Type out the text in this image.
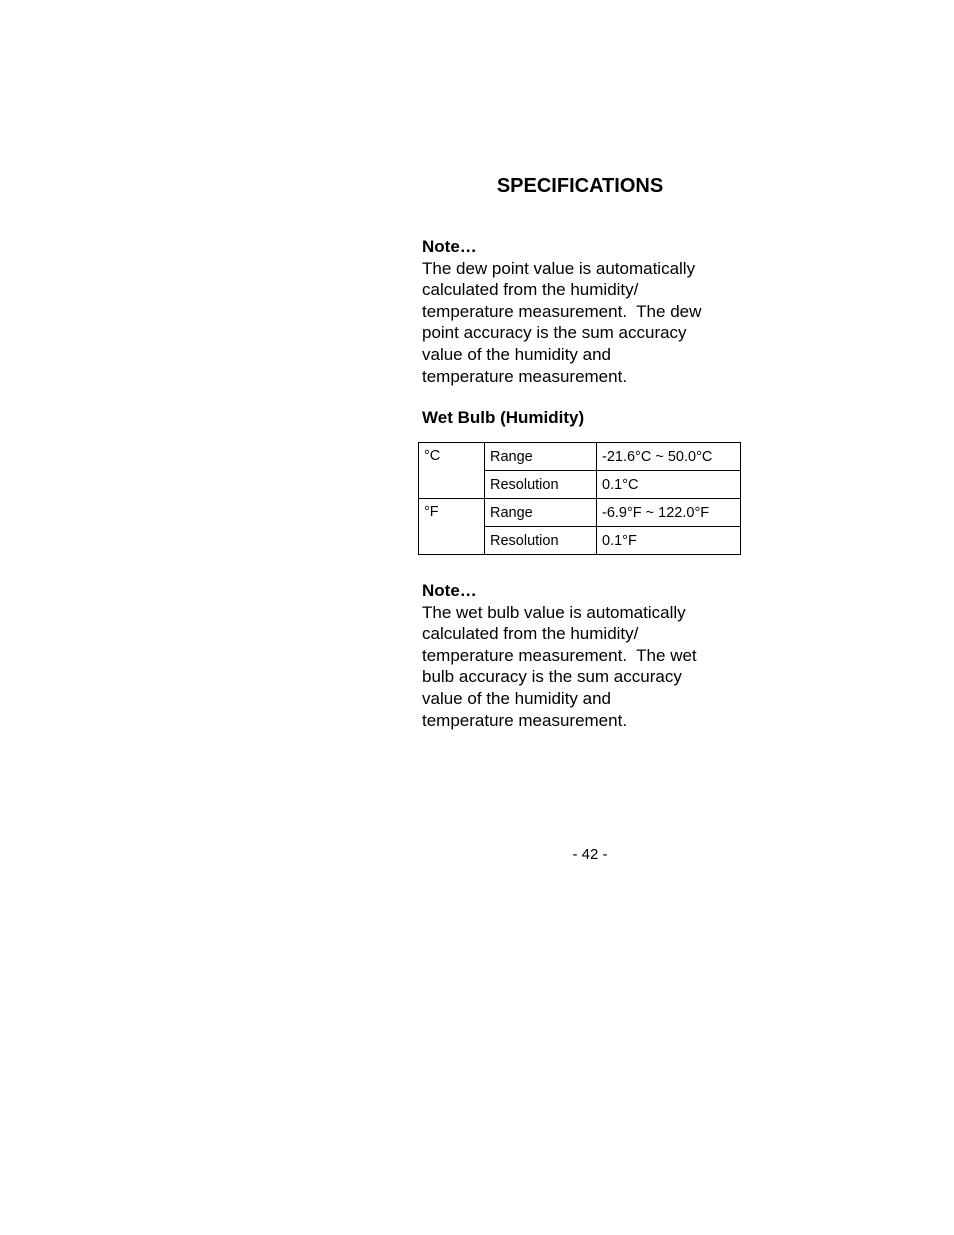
SPECIFICATIONS

Note…

The dew point value is automatically
calculated from the humidity/
temperature measurement.  The dew
point accuracy is the sum accuracy
value of the humidity and
temperature measurement.

Wet Bulb (Humidity)
°C	Range	-21.6°C ~ 50.0°C
	Resolution	0.1°C
°F	Range	-6.9°F ~ 122.0°F
	Resolution	0.1°F

Note…

The wet bulb value is automatically
calculated from the humidity/
temperature measurement.  The wet
bulb accuracy is the sum accuracy
value of the humidity and
temperature measurement.

- 42 -
